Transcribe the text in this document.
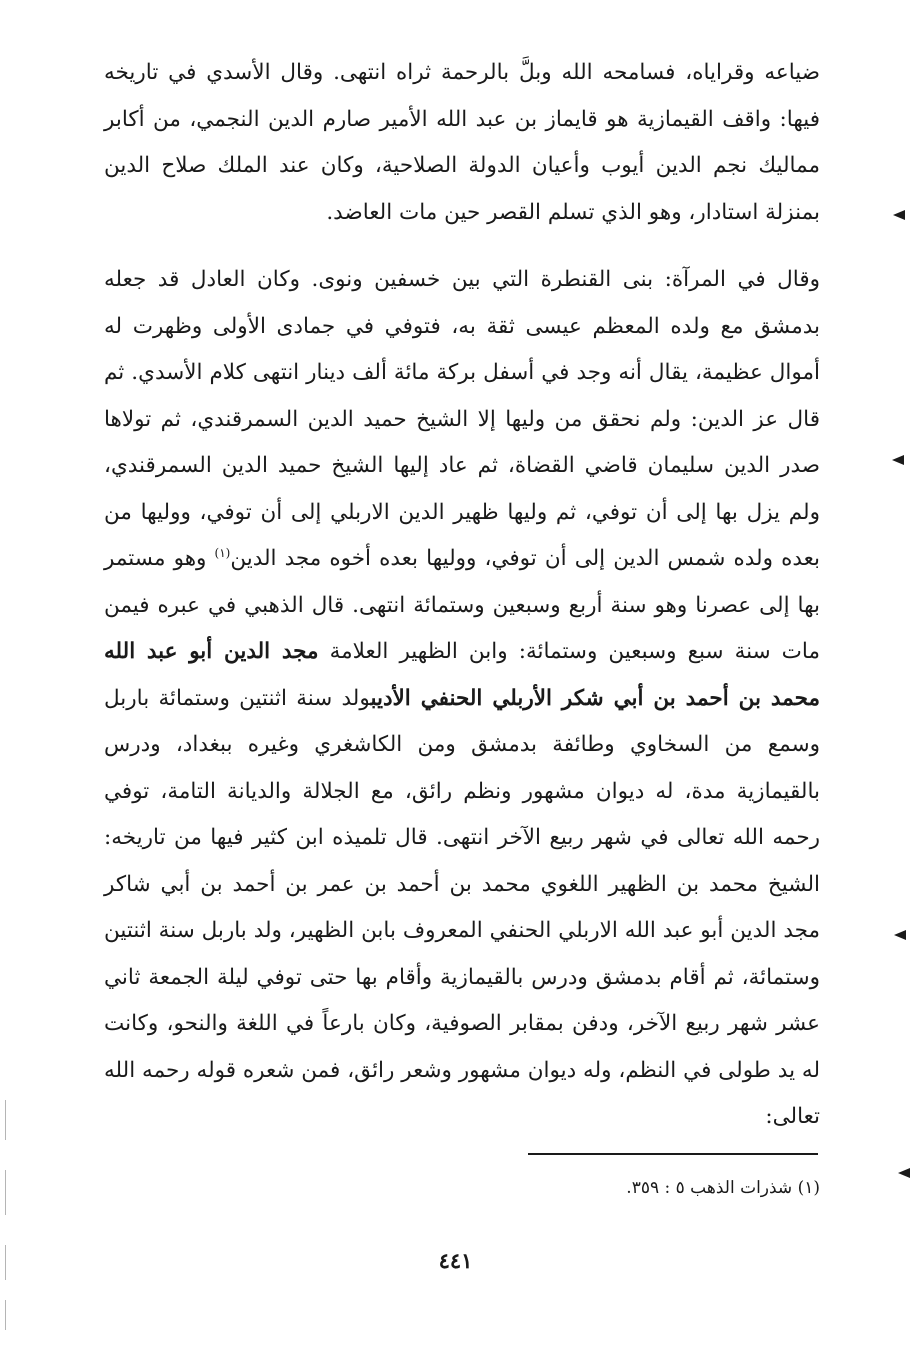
ضياعه وقراياه، فسامحه الله وبلَّ بالرحمة ثراه انتهى. وقال الأسدي في تاريخه فيها: واقف القيمازية هو قايماز بن عبد الله الأمير صارم الدين النجمي، من أكابر مماليك نجم الدين أيوب وأعيان الدولة الصلاحية، وكان عند الملك صلاح الدين بمنزلة استادار، وهو الذي تسلم القصر حين مات العاضد.

وقال في المرآة: بنى القنطرة التي بين خسفين ونوى. وكان العادل قد جعله بدمشق مع ولده المعظم عيسى ثقة به، فتوفي في جمادى الأولى وظهرت له أموال عظيمة، يقال أنه وجد في أسفل بركة مائة ألف دينار انتهى كلام الأسدي. ثم قال عز الدين: ولم نحقق من وليها إلا الشيخ حميد الدين السمرقندي، ثم تولاها صدر الدين سليمان قاضي القضاة، ثم عاد إليها الشيخ حميد الدين السمرقندي، ولم يزل بها إلى أن توفي، ثم وليها ظهير الدين الاربلي إلى أن توفي، ووليها من بعده ولده شمس الدين إلى أن توفي، ووليها بعده أخوه مجد الدين$^{(١)}$ وهو مستمر بها إلى عصرنا وهو سنة أربع وسبعين وستمائة انتهى. قال الذهبي في عبره فيمن مات سنة سبع وسبعين وستمائة: وابن الظهير العلامة مجد الدين أبو عبد الله محمد بن أحمد بن أبي شكر الأربلي الحنفي الأديبولد سنة اثنتين وستمائة باربل وسمع من السخاوي وطائفة بدمشق ومن الكاشغري وغيره ببغداد، ودرس بالقيمازية مدة، له ديوان مشهور ونظم رائق، مع الجلالة والديانة التامة، توفي رحمه الله تعالى في شهر ربيع الآخر انتهى. قال تلميذه ابن كثير فيها من تاريخه: الشيخ محمد بن الظهير اللغوي محمد بن أحمد بن عمر بن أحمد بن أبي شاكر مجد الدين أبو عبد الله الاربلي الحنفي المعروف بابن الظهير، ولد باربل سنة اثنتين وستمائة، ثم أقام بدمشق ودرس بالقيمازية وأقام بها حتى توفي ليلة الجمعة ثاني عشر شهر ربيع الآخر، ودفن بمقابر الصوفية، وكان بارعاً في اللغة والنحو، وكانت له يد طولى في النظم، وله ديوان مشهور وشعر رائق، فمن شعره قوله رحمه الله تعالى:

(١) شذرات الذهب ٥ : ٣٥٩.
٤٤١
